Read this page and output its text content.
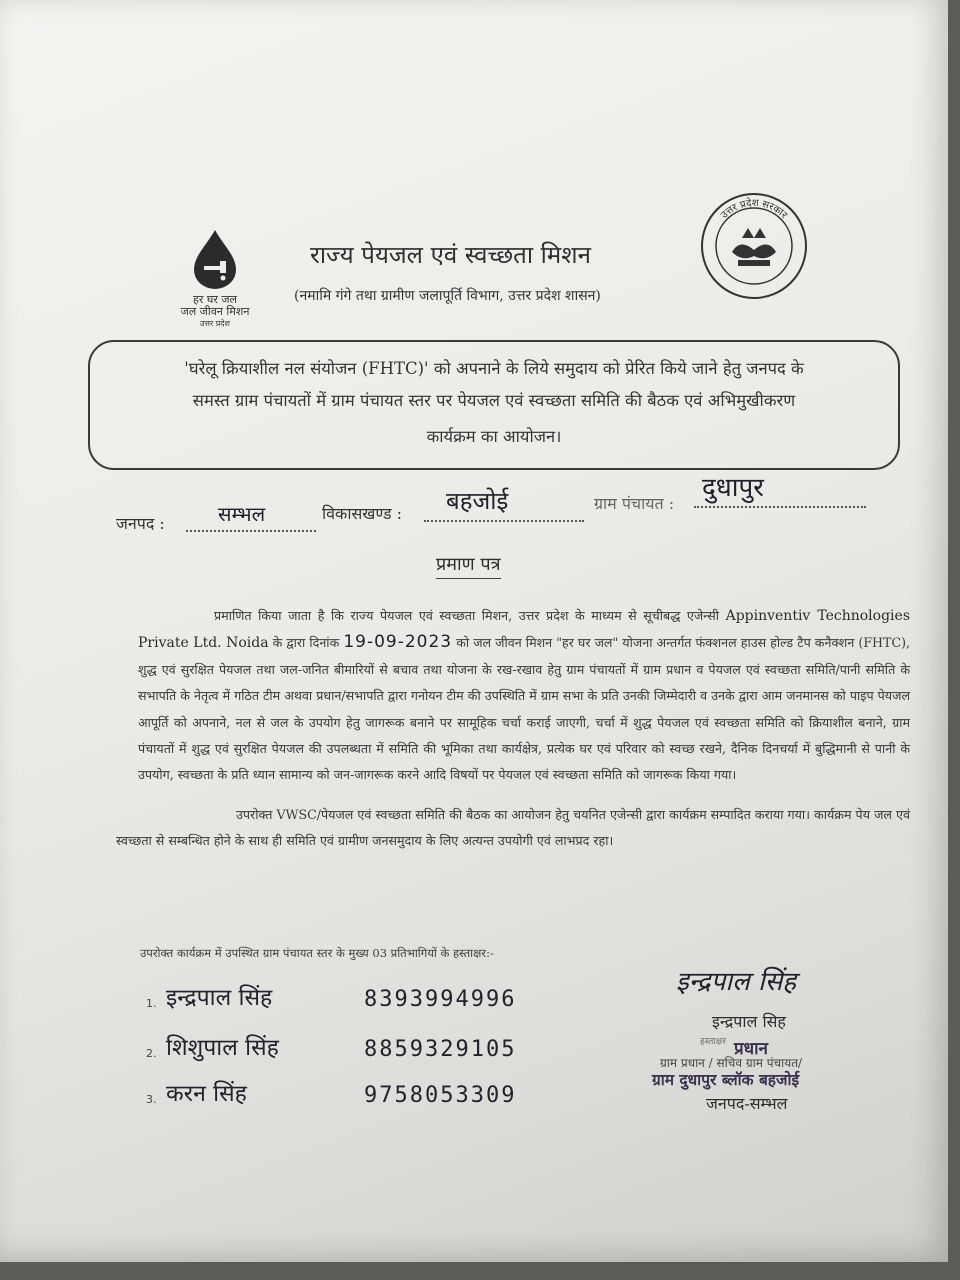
हर घर जल
जल जीवन मिशन
उत्तर प्रदेश
राज्य पेयजल एवं स्वच्छता मिशन
(नमामि गंगे तथा ग्रामीण जलापूर्ति विभाग, उत्तर प्रदेश शासन)
उत्तर प्रदेश सरकार
'घरेलू क्रियाशील नल संयोजन (FHTC)' को अपनाने के लिये समुदाय को प्रेरित किये जाने हेतु जनपद के
समस्त ग्राम पंचायतों में ग्राम पंचायत स्तर पर पेयजल एवं स्वच्छता समिति की बैठक एवं अभिमुखीकरण
कार्यक्रम का आयोजन।
जनपद :	सम्भल	विकासखण्ड : बहजोई	ग्राम पंचायत :
दुधापुर
प्रमाण पत्र
प्रमाणित किया जाता है कि राज्य पेयजल एवं स्वच्छता मिशन, उत्तर प्रदेश के माध्यम से सूचीबद्ध एजेन्सी Appinventiv Technologies Private Ltd. Noida के द्वारा दिनांक 19-09-2023 को जल जीवन मिशन "हर घर जल" योजना अन्तर्गत फंक्शनल हाउस होल्ड टैप कनैक्शन (FHTC), शुद्ध एवं सुरक्षित पेयजल तथा जल-जनित बीमारियों से बचाव तथा योजना के रख-रखाव हेतु ग्राम पंचायतों में ग्राम प्रधान व पेयजल एवं स्वच्छता समिति/पानी समिति के सभापति के नेतृत्व में गठित टीम अथवा प्रधान/सभापति द्वारा गनोयन टीम की उपस्थिति में ग्राम सभा के प्रति उनकी जिम्मेदारी व उनके द्वारा आम जनमानस को पाइप पेयजल आपूर्ति को अपनाने, नल से जल के उपयोग हेतु जागरूक बनाने पर सामूहिक चर्चा कराई जाएगी, चर्चा में शुद्ध पेयजल एवं स्वच्छता समिति को क्रियाशील बनाने, ग्राम पंचायतों में शुद्ध एवं सुरक्षित पेयजल की उपलब्धता में समिति की भूमिका तथा कार्यक्षेत्र, प्रत्येक घर एवं परिवार को स्वच्छ रखने, दैनिक दिनचर्या में बुद्धिमानी से पानी के उपयोग, स्वच्छता के प्रति ध्यान सामान्य को जन-जागरूक करने आदि विषयों पर पेयजल एवं स्वच्छता समिति को जागरूक किया गया।
उपरोक्त VWSC/पेयजल एवं स्वच्छता समिति की बैठक का आयोजन हेतु चयनित एजेन्सी द्वारा कार्यक्रम सम्पादित कराया गया। कार्यक्रम पेय जल एवं स्वच्छता से सम्बन्धित होने के साथ ही समिति एवं ग्रामीण जनसमुदाय के लिए अत्यन्त उपयोगी एवं लाभप्रद रहा।
उपरोक्त कार्यक्रम में उपस्थित ग्राम पंचायत स्तर के मुख्य 03 प्रतिभागियों के हस्ताक्षर:-
1. इन्द्रपाल सिंह	8393994996
2. शिशुपाल सिंह	8859329105
3. करन सिंह	9758053309
इन्द्रपाल सिंह
इन्द्रपाल सिह
हस्ताक्षर प्रधान
ग्राम प्रधान / सचिव ग्राम पंचायत/
ग्राम दुधापुर ब्लॉक बहजोई
जनपद-सम्भल
